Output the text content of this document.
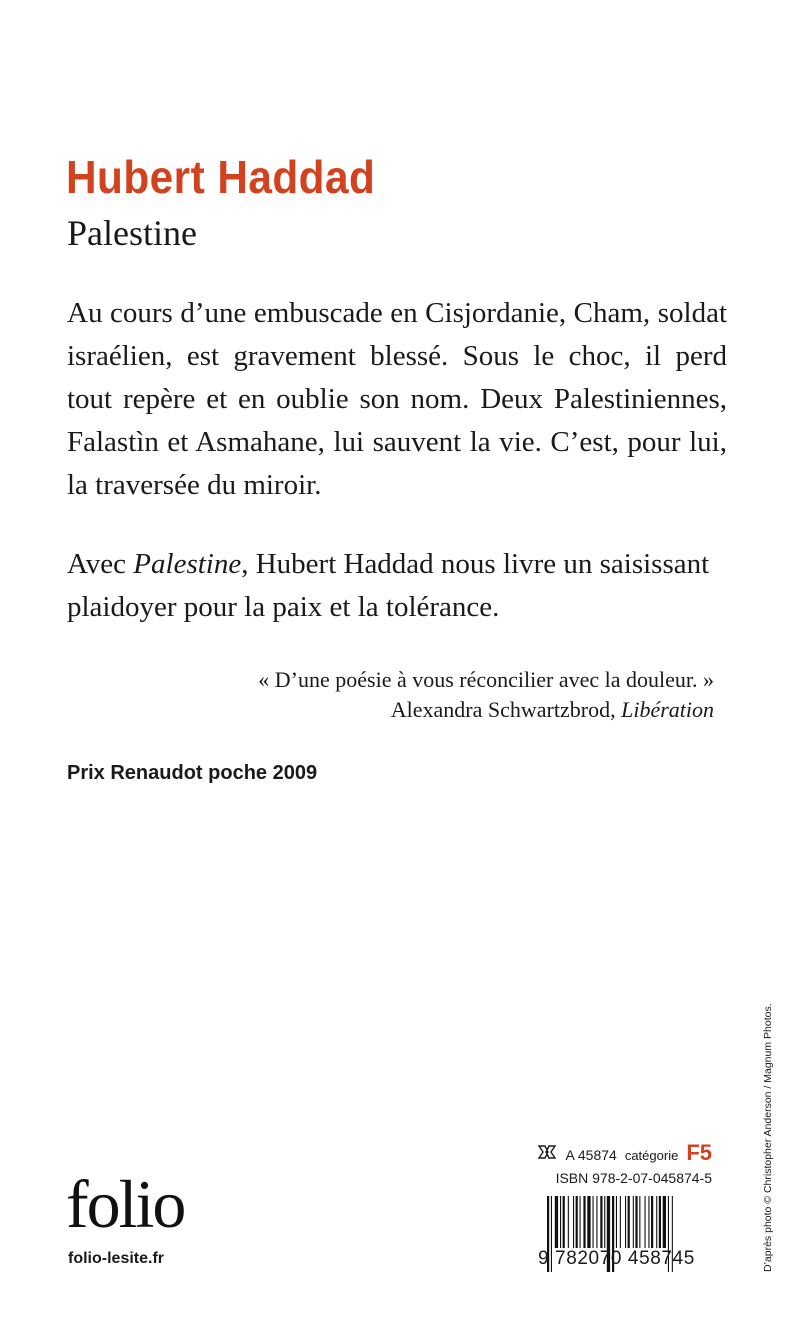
Hubert Haddad
Palestine
Au cours d’une embuscade en Cisjordanie, Cham, soldat
israélien, est gravement blessé. Sous le choc, il perd
tout repère et en oublie son nom. Deux Palestiniennes,
Falastìn et Asmahane, lui sauvent la vie. C’est, pour lui,
la traversée du miroir.
Avec Palestine, Hubert Haddad nous livre un saisissant
plaidoyer pour la paix et la tolérance.
« D’une poésie à vous réconcilier avec la douleur. »
Alexandra Schwartzbrod, Libération
Prix Renaudot poche 2009
D’après photo © Christopher Anderson / Magnum Photos.
A 45874 catégorie F5
ISBN 978-2-07-045874-5
9 782070 458745
folio
folio-lesite.fr
